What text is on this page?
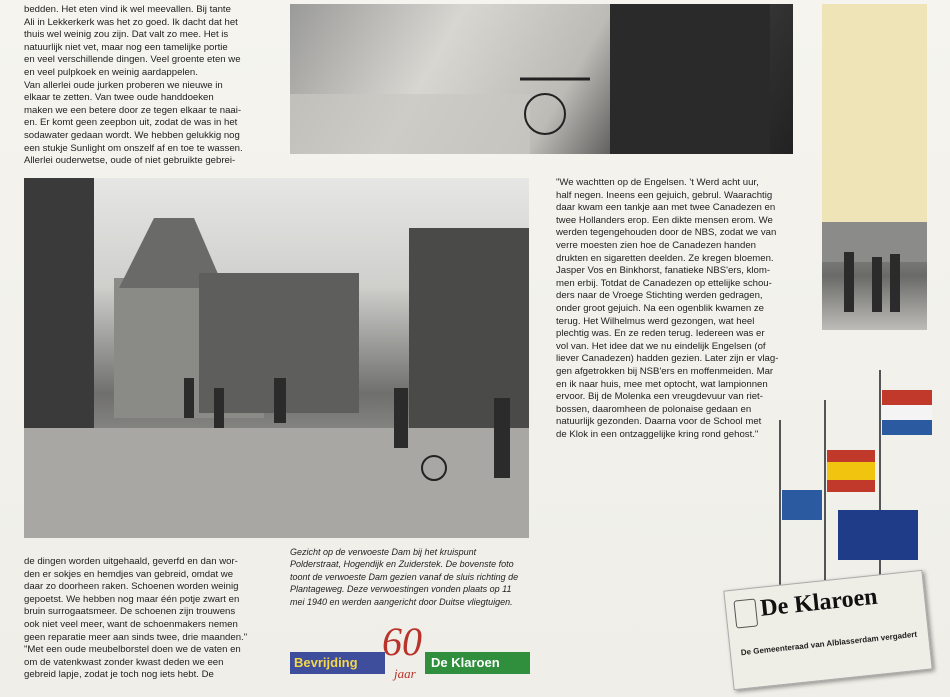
bedden. Het eten vind ik wel meevallen. Bij tante
Ali in Lekkerkerk was het zo goed. Ik dacht dat het
thuis wel weinig zou zijn. Dat valt zo mee. Het is
natuurlijk niet vet, maar nog een tamelijke portie
en veel verschillende dingen. Veel groente eten we
en veel pulpkoek en weinig aardappelen.
Van allerlei oude jurken proberen we nieuwe in
elkaar te zetten. Van twee oude handdoeken
maken we een betere door ze tegen elkaar te naai-
en. Er komt geen zeepbon uit, zodat de was in het
sodawater gedaan wordt. We hebben gelukkig nog
een stukje Sunlight om onszelf af en toe te wassen.
Allerlei ouderwetse, oude of niet gebruikte gebrei-
Gezicht op de verwoeste Dam bij het kruispunt
Polderstraat, Hogendijk en Zuiderstek. De bovenste foto
toont de verwoeste Dam gezien vanaf de sluis richting de
Plantageweg. Deze verwoestingen vonden plaats op 11
mei 1940 en werden aangericht door Duitse vliegtuigen.
"We wachtten op de Engelsen. 't Werd acht uur,
half negen. Ineens een gejuich, gebrul. Waarachtig
daar kwam een tankje aan met twee Canadezen en
twee Hollanders erop. Een dikte mensen erom. We
werden tegengehouden door de NBS, zodat we van
verre moesten zien hoe de Canadezen handen
drukten en sigaretten deelden. Ze kregen bloemen.
Jasper Vos en Binkhorst, fanatieke NBS'ers, klom-
men erbij. Totdat de Canadezen op ettelijke schou-
ders naar de Vroege Stichting werden gedragen,
onder groot gejuich. Na een ogenblik kwamen ze
terug. Het Wilhelmus werd gezongen, wat heel
plechtig was. En ze reden terug. Iedereen was er
vol van. Het idee dat we nu eindelijk Engelsen (of
liever Canadezen) hadden gezien. Later zijn er vlag-
gen afgetrokken bij NSB'ers en moffenmeiden. Mar
en ik naar huis, mee met optocht, wat lampionnen
ervoor. Bij de Molenka een vreugdevuur van riet-
bossen, daaromheen de polonaise gedaan en
natuurlijk gezonden. Daarna voor de School met
de Klok in een ontzaggelijke kring rond gehost."
De Klaroen
De Gemeenteraad van Alblasserdam vergadert
de dingen worden uitgehaald, geverfd en dan wor-
den er sokjes en hemdjes van gebreid, omdat we
daar zo doorheen raken. Schoenen worden weinig
gepoetst. We hebben nog maar één potje zwart en
bruin surrogaatsmeer. De schoenen zijn trouwens
ook niet veel meer, want de schoenmakers nemen
geen reparatie meer aan sinds twee, drie maanden."
"Met een oude meubelborstel doen we de vaten en
om de vatenkwast zonder kwast deden we een
gebreid lapje, zodat je toch nog iets hebt. De
Bevrijding 60
jaar
De Klaroen
